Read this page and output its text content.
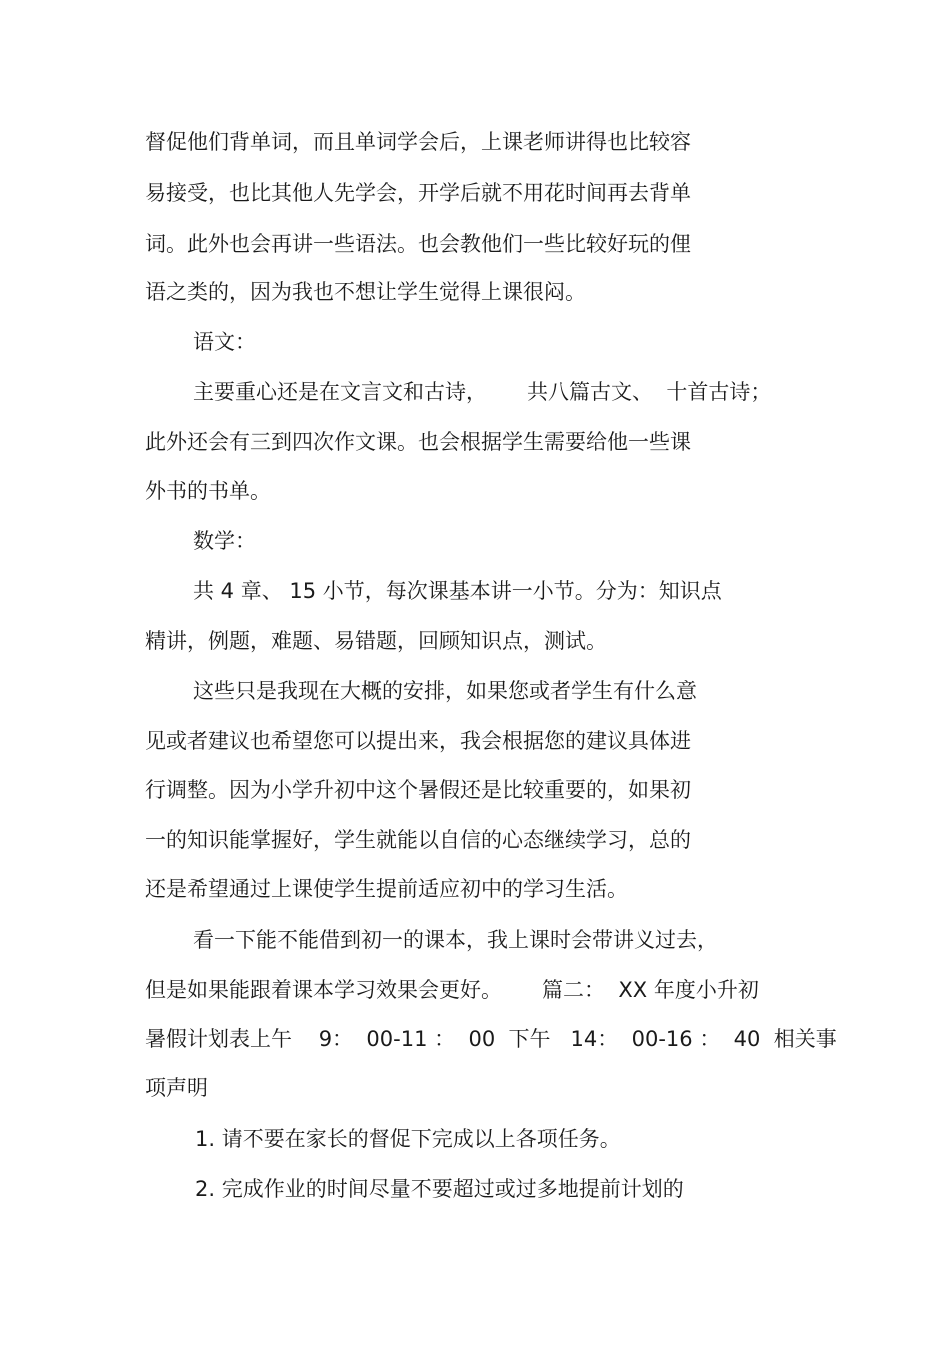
督促他们背单词，而且单词学会后，上课老师讲得也比较容

易接受，也比其他人先学会，开学后就不用花时间再去背单

词。此外也会再讲一些语法。也会教他们一些比较好玩的俚

语之类的，因为我也不想让学生觉得上课很闷。

语文：

主要重心还是在文言文和古诗，      共八篇古文、  十首古诗；

此外还会有三到四次作文课。也会根据学生需要给他一些课

外书的书单。

数学：

共 4 章、 15 小节，每次课基本讲一小节。分为：知识点

精讲，例题，难题、易错题，回顾知识点，测试。

这些只是我现在大概的安排，如果您或者学生有什么意

见或者建议也希望您可以提出来，我会根据您的建议具体进

行调整。因为小学升初中这个暑假还是比较重要的，如果初

一的知识能掌握好，学生就能以自信的心态继续学习，总的

还是希望通过上课使学生提前适应初中的学习生活。

看一下能不能借到初一的课本，我上课时会带讲义过去，

但是如果能跟着课本学习效果会更好。      篇二：  XX 年度小升初

暑假计划表上午    9：  00-11 ：  00  下午   14：  00-16 ：  40  相关事

项声明

1. 请不要在家长的督促下完成以上各项任务。

2. 完成作业的时间尽量不要超过或过多地提前计划的
